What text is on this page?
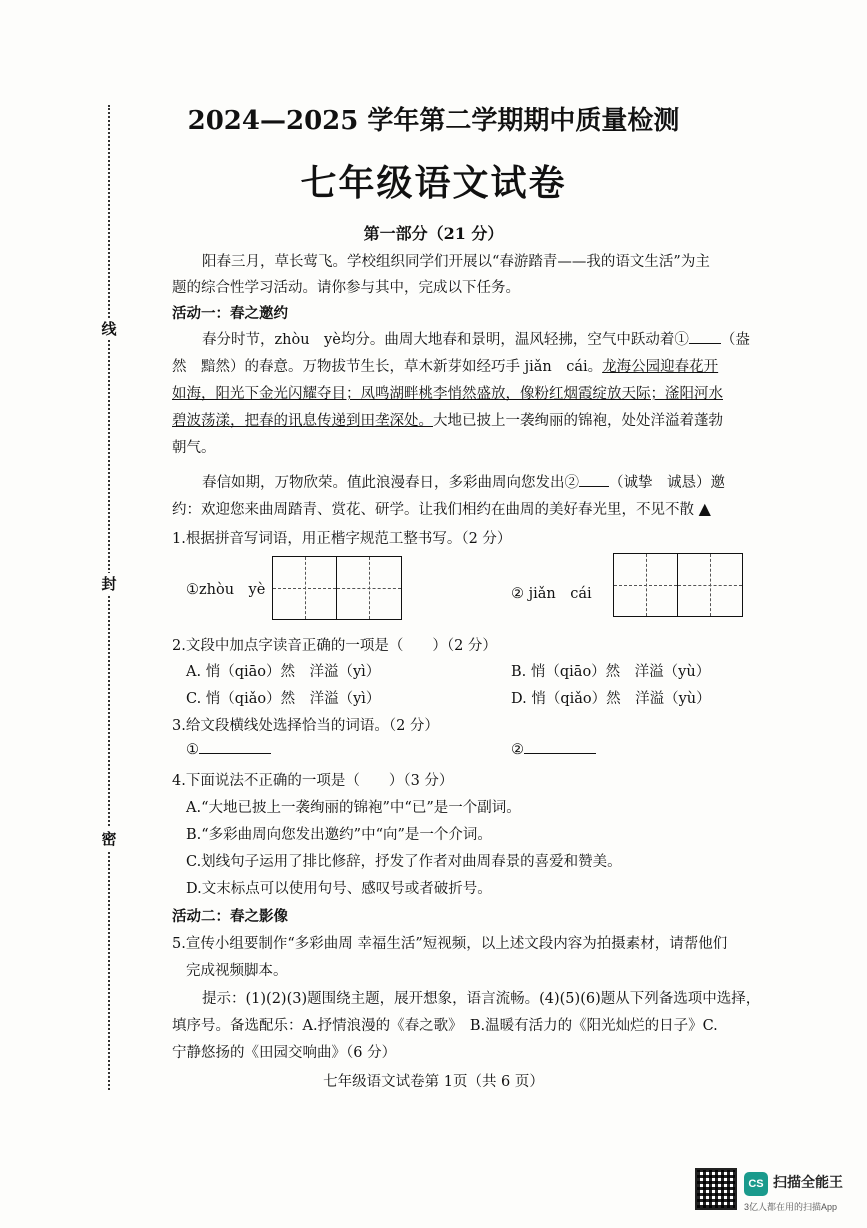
线
封
密
2024—2025 学年第二学期期中质量检测
七年级语文试卷
第一部分（21 分）
阳春三月，草长莺飞。学校组织同学们开展以“春游踏青——我的语文生活”为主
题的综合性学习活动。请你参与其中，完成以下任务。
活动一：春之邀约
春分时节，zhòu　yè均分。曲周大地春和景明，温风轻拂，空气中跃动着① （盎
然　黯然）的春意。万物拔节生长，草木新芽如经巧手 jiǎn　cái。龙海公园迎春花开
如海，阳光下金光闪耀夺目；凤鸣湖畔桃李悄然盛放，像粉红烟霞绽放天际；滏阳河水
碧波荡漾，把春的讯息传递到田垄深处。大地已披上一袭绚丽的锦袍，处处洋溢着蓬勃
朝气。
春信如期，万物欣荣。值此浪漫春日，多彩曲周向您发出② （诚挚　诚恳）邀
约：欢迎您来曲周踏青、赏花、研学。让我们相约在曲周的美好春光里，不见不散 ▲
1.根据拼音写词语，用正楷字规范工整书写。（2 分）
①zhòu　yè	② jiǎn　cái
2.文段中加点字读音正确的一项是（　　）（2 分）
A. 悄（qiāo）然　洋溢（yì）	B. 悄（qiāo）然　洋溢（yù）
C. 悄（qiǎo）然　洋溢（yì）	D. 悄（qiǎo）然　洋溢（yù）
3.给文段横线处选择恰当的词语。（2 分）
①	②
4.下面说法不正确的一项是（　　）（3 分）
A.“大地已披上一袭绚丽的锦袍”中“已”是一个副词。
B.“多彩曲周向您发出邀约”中“向”是一个介词。
C.划线句子运用了排比修辞，抒发了作者对曲周春景的喜爱和赞美。
D.文末标点可以使用句号、感叹号或者破折号。
活动二：春之影像
5.宣传小组要制作“多彩曲周 幸福生活”短视频，以上述文段内容为拍摄素材，请帮他们
完成视频脚本。
提示：(1)(2)(3)题围绕主题，展开想象，语言流畅。(4)(5)(6)题从下列备选项中选择，
填序号。备选配乐：A.抒情浪漫的《春之歌》　B.温暖有活力的《阳光灿烂的日子》C.
宁静悠扬的《田园交响曲》（6 分）
七年级语文试卷第 1页（共 6 页）
CS 扫描全能王
3亿人都在用的扫描App
